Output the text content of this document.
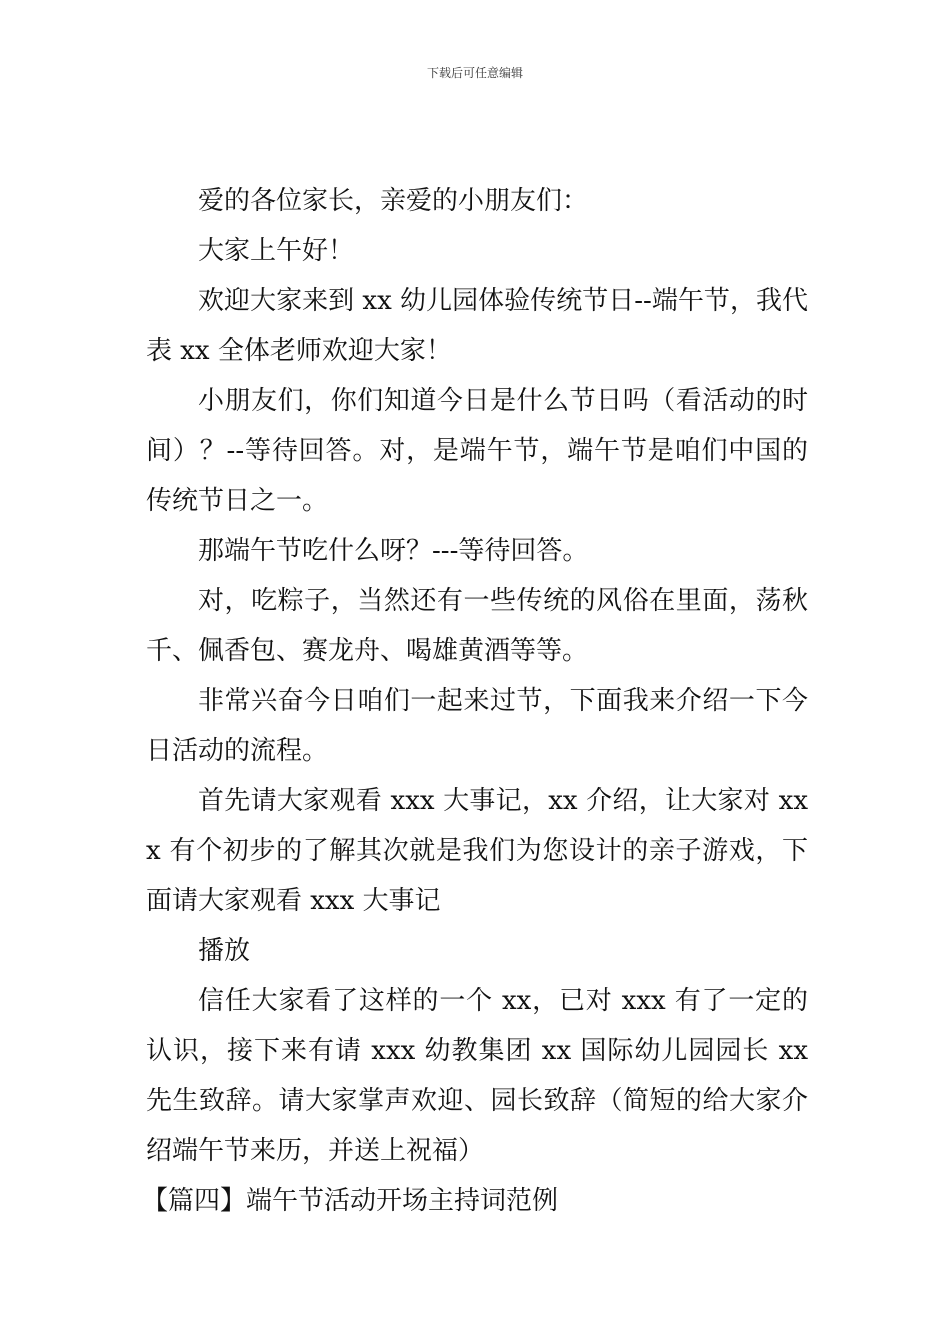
下载后可任意编辑

爱的各位家长，亲爱的小朋友们：

大家上午好！

欢迎大家来到 xx 幼儿园体验传统节日--端午节，我代表 xx 全体老师欢迎大家！

小朋友们，你们知道今日是什么节日吗（看活动的时间）？--等待回答。对，是端午节，端午节是咱们中国的传统节日之一。

那端午节吃什么呀？---等待回答。

对，吃粽子，当然还有一些传统的风俗在里面，荡秋千、佩香包、赛龙舟、喝雄黄酒等等。

非常兴奋今日咱们一起来过节，下面我来介绍一下今日活动的流程。

首先请大家观看 xxx 大事记，xx 介绍，让大家对 xxx 有个初步的了解其次就是我们为您设计的亲子游戏，下面请大家观看 xxx 大事记

播放

信任大家看了这样的一个 xx，已对 xxx 有了一定的认识，接下来有请 xxx 幼教集团 xx 国际幼儿园园长 xx 先生致辞。请大家掌声欢迎、园长致辞（简短的给大家介绍端午节来历，并送上祝福）

【篇四】端午节活动开场主持词范例
